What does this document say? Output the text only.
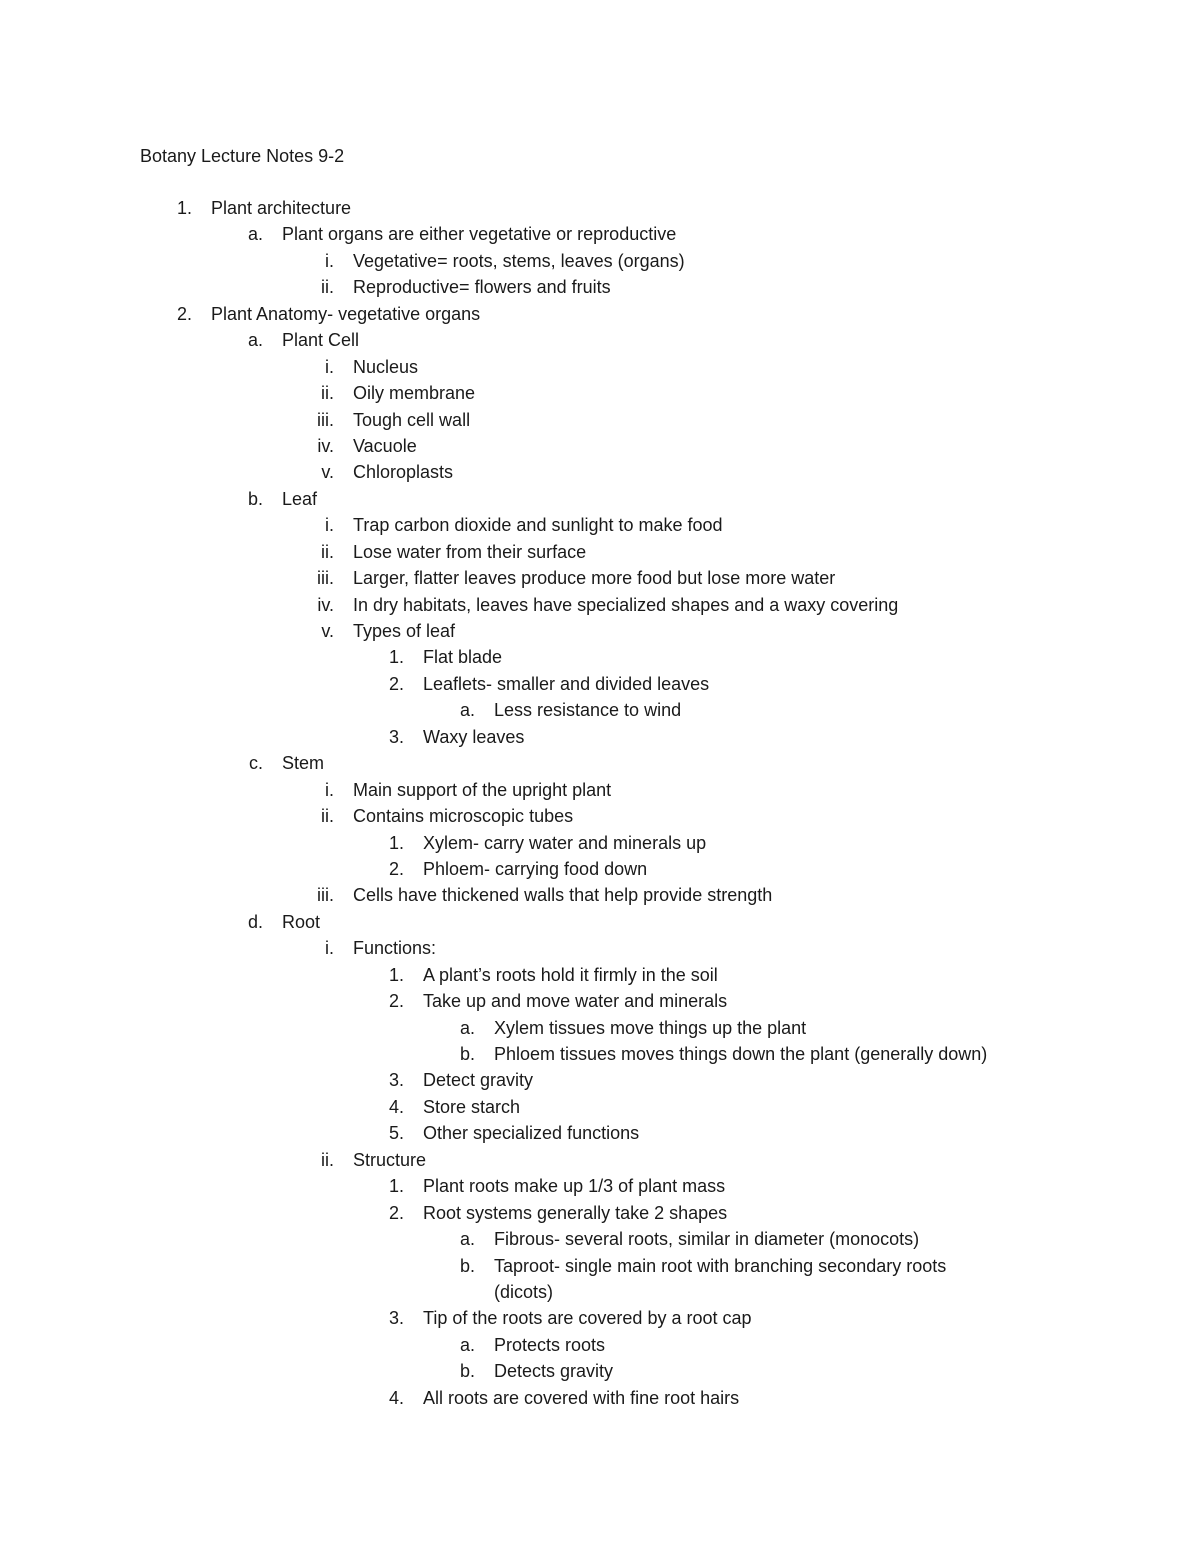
Botany Lecture Notes 9-2
1. Plant architecture
a. Plant organs are either vegetative or reproductive
i. Vegetative= roots, stems, leaves (organs)
ii. Reproductive= flowers and fruits
2. Plant Anatomy- vegetative organs
a. Plant Cell
i. Nucleus
ii. Oily membrane
iii. Tough cell wall
iv. Vacuole
v. Chloroplasts
b. Leaf
i. Trap carbon dioxide and sunlight to make food
ii. Lose water from their surface
iii. Larger, flatter leaves produce more food but lose more water
iv. In dry habitats, leaves have specialized shapes and a waxy covering
v. Types of leaf
1. Flat blade
2. Leaflets- smaller and divided leaves
a. Less resistance to wind
3. Waxy leaves
c. Stem
i. Main support of the upright plant
ii. Contains microscopic tubes
1. Xylem- carry water and minerals up
2. Phloem- carrying food down
iii. Cells have thickened walls that help provide strength
d. Root
i. Functions:
1. A plant’s roots hold it firmly in the soil
2. Take up and move water and minerals
a. Xylem tissues move things up the plant
b. Phloem tissues moves things down the plant (generally down)
3. Detect gravity
4. Store starch
5. Other specialized functions
ii. Structure
1. Plant roots make up 1/3 of plant mass
2. Root systems generally take 2 shapes
a. Fibrous- several roots, similar in diameter (monocots)
b. Taproot- single main root with branching secondary roots
(dicots)
3. Tip of the roots are covered by a root cap
a. Protects roots
b. Detects gravity
4. All roots are covered with fine root hairs
